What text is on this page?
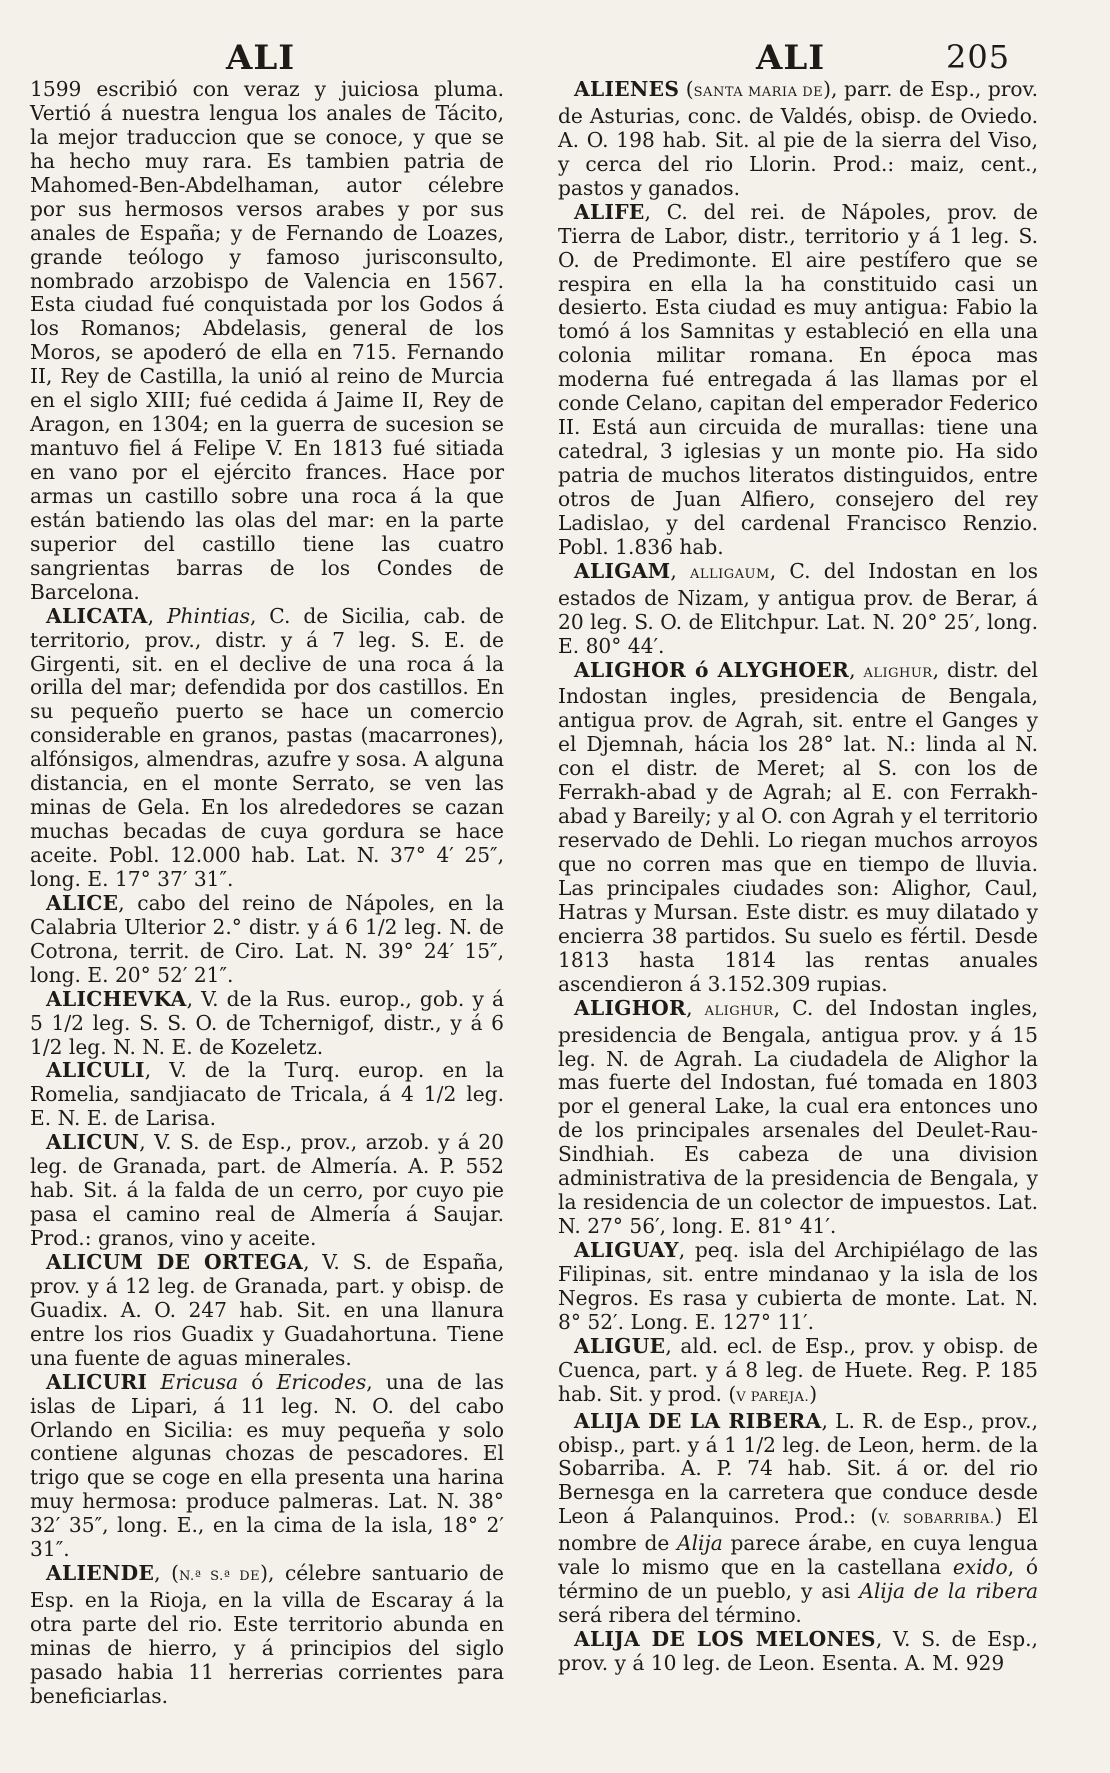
ALI	ALI	205

1599 escribió con veraz y juiciosa pluma. Vertió á nuestra lengua los anales de Tácito, la mejor traduccion que se conoce, y que se ha hecho muy rara. Es tambien patria de Mahomed-Ben-Abdelhaman, autor célebre por sus hermosos versos arabes y por sus anales de España; y de Fernando de Loazes, grande teólogo y famoso jurisconsulto, nombrado arzobispo de Valencia en 1567. Esta ciudad fué conquistada por los Godos á los Romanos; Abdelasis, general de los Moros, se apoderó de ella en 715. Fernando II, Rey de Castilla, la unió al reino de Murcia en el siglo XIII; fué cedida á Jaime II, Rey de Aragon, en 1304; en la guerra de sucesion se mantuvo fiel á Felipe V. En 1813 fué sitiada en vano por el ejército frances. Hace por armas un castillo sobre una roca á la que están batiendo las olas del mar: en la parte superior del castillo tiene las cuatro sangrientas barras de los Condes de Barcelona.

ALICATA, Phintias, C. de Sicilia, cab. de territorio, prov., distr. y á 7 leg. S. E. de Girgenti, sit. en el declive de una roca á la orilla del mar; defendida por dos castillos. En su pequeño puerto se hace un comercio considerable en granos, pastas (macarrones), alfónsigos, almendras, azufre y sosa. A alguna distancia, en el monte Serrato, se ven las minas de Gela. En los alrededores se cazan muchas becadas de cuya gordura se hace aceite. Pobl. 12.000 hab. Lat. N. 37° 4′ 25″, long. E. 17° 37′ 31″.

ALICE, cabo del reino de Nápoles, en la Calabria Ulterior 2.° distr. y á 6 1/2 leg. N. de Cotrona, territ. de Ciro. Lat. N. 39° 24′ 15″, long. E. 20° 52′ 21″.

ALICHEVKA, V. de la Rus. europ., gob. y á 5 1/2 leg. S. S. O. de Tchernigof, distr., y á 6 1/2 leg. N. N. E. de Kozeletz.

ALICULI, V. de la Turq. europ. en la Romelia, sandjiacato de Tricala, á 4 1/2 leg. E. N. E. de Larisa.

ALICUN, V. S. de Esp., prov., arzob. y á 20 leg. de Granada, part. de Almería. A. P. 552 hab. Sit. á la falda de un cerro, por cuyo pie pasa el camino real de Almería á Saujar. Prod.: granos, vino y aceite.

ALICUM DE ORTEGA, V. S. de España, prov. y á 12 leg. de Granada, part. y obisp. de Guadix. A. O. 247 hab. Sit. en una llanura entre los rios Guadix y Guadahortuna. Tiene una fuente de aguas minerales.

ALICURI Ericusa ó Ericodes, una de las islas de Lipari, á 11 leg. N. O. del cabo Orlando en Sicilia: es muy pequeña y solo contiene algunas chozas de pescadores. El trigo que se coge en ella presenta una harina muy hermosa: produce palmeras. Lat. N. 38° 32′ 35″, long. E., en la cima de la isla, 18° 2′ 31″.

ALIENDE, (N.ª S.ª DE), célebre santuario de Esp. en la Rioja, en la villa de Escaray á la otra parte del rio. Este territorio abunda en minas de hierro, y á principios del siglo pasado habia 11 herrerias corrientes para beneficiarlas.

ALIENES (SANTA MARIA DE), parr. de Esp., prov. de Asturias, conc. de Valdés, obisp. de Oviedo. A. O. 198 hab. Sit. al pie de la sierra del Viso, y cerca del rio Llorin. Prod.: maiz, cent., pastos y ganados.

ALIFE, C. del rei. de Nápoles, prov. de Tierra de Labor, distr., territorio y á 1 leg. S. O. de Predimonte. El aire pestífero que se respira en ella la ha constituido casi un desierto. Esta ciudad es muy antigua: Fabio la tomó á los Samnitas y estableció en ella una colonia militar romana. En época mas moderna fué entregada á las llamas por el conde Celano, capitan del emperador Federico II. Está aun circuida de murallas: tiene una catedral, 3 iglesias y un monte pio. Ha sido patria de muchos literatos distinguidos, entre otros de Juan Alfiero, consejero del rey Ladislao, y del cardenal Francisco Renzio. Pobl. 1.836 hab.

ALIGAM, ALLIGAUM, C. del Indostan en los estados de Nizam, y antigua prov. de Berar, á 20 leg. S. O. de Elitchpur. Lat. N. 20° 25′, long. E. 80° 44′.

ALIGHOR ó ALYGHOER, ALIGHUR, distr. del Indostan ingles, presidencia de Bengala, antigua prov. de Agrah, sit. entre el Ganges y el Djemnah, hácia los 28° lat. N.: linda al N. con el distr. de Meret; al S. con los de Ferrakh-abad y de Agrah; al E. con Ferrakh-abad y Bareily; y al O. con Agrah y el territorio reservado de Dehli. Lo riegan muchos arroyos que no corren mas que en tiempo de lluvia. Las principales ciudades son: Alighor, Caul, Hatras y Mursan. Este distr. es muy dilatado y encierra 38 partidos. Su suelo es fértil. Desde 1813 hasta 1814 las rentas anuales ascendieron á 3.152.309 rupias.

ALIGHOR, ALIGHUR, C. del Indostan ingles, presidencia de Bengala, antigua prov. y á 15 leg. N. de Agrah. La ciudadela de Alighor la mas fuerte del Indostan, fué tomada en 1803 por el general Lake, la cual era entonces uno de los principales arsenales del Deulet-Rau-Sindhiah. Es cabeza de una division administrativa de la presidencia de Bengala, y la residencia de un colector de impuestos. Lat. N. 27° 56′, long. E. 81° 41′.

ALIGUAY, peq. isla del Archipiélago de las Filipinas, sit. entre mindanao y la isla de los Negros. Es rasa y cubierta de monte. Lat. N. 8° 52′. Long. E. 127° 11′.

ALIGUE, ald. ecl. de Esp., prov. y obisp. de Cuenca, part. y á 8 leg. de Huete. Reg. P. 185 hab. Sit. y prod. (V PAREJA.)

ALIJA DE LA RIBERA, L. R. de Esp., prov., obisp., part. y á 1 1/2 leg. de Leon, herm. de la Sobarriba. A. P. 74 hab. Sit. á or. del rio Bernesga en la carretera que conduce desde Leon á Palanquinos. Prod.: (V. SOBARRIBA.) El nombre de Alija parece árabe, en cuya lengua vale lo mismo que en la castellana exido, ó término de un pueblo, y asi Alija de la ribera será ribera del término.

ALIJA DE LOS MELONES, V. S. de Esp., prov. y á 10 leg. de Leon. Esenta. A. M. 929
